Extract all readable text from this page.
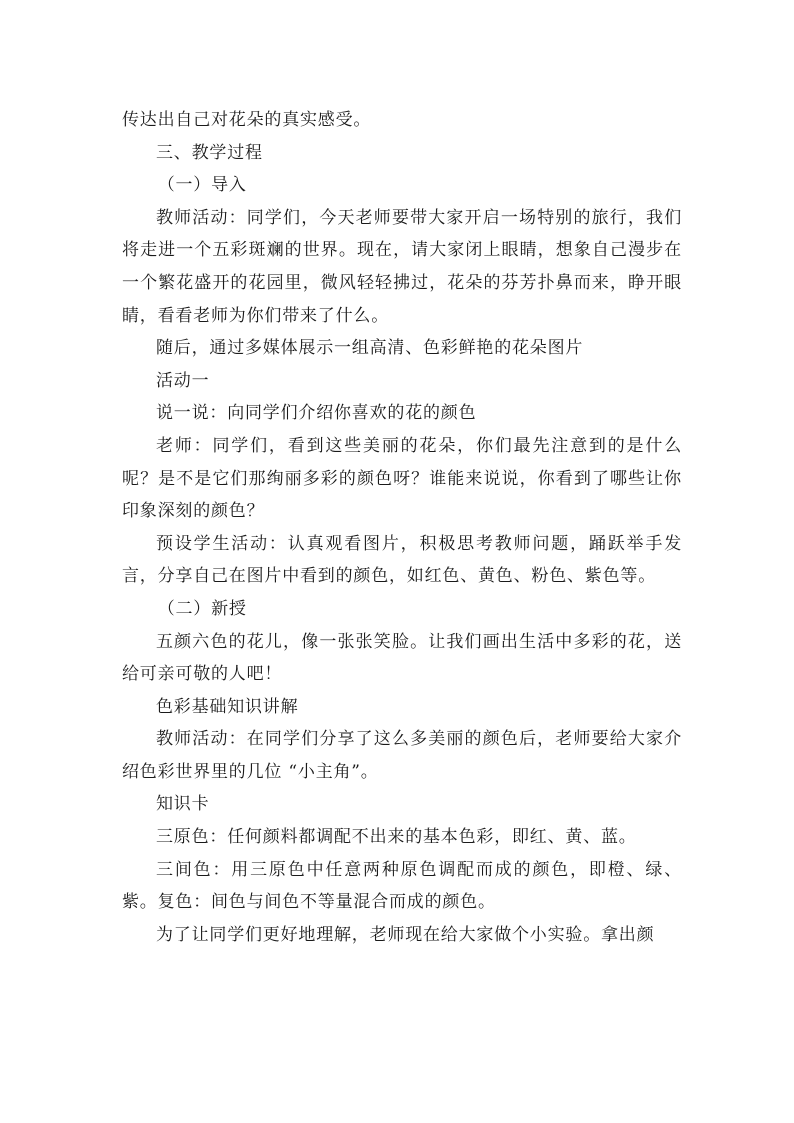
传达出自己对花朵的真实感受。

三、教学过程

（一）导入

教师活动：同学们，今天老师要带大家开启一场特别的旅行，我们将走进一个五彩斑斓的世界。现在，请大家闭上眼睛，想象自己漫步在一个繁花盛开的花园里，微风轻轻拂过，花朵的芬芳扑鼻而来，睁开眼睛，看看老师为你们带来了什么。

随后，通过多媒体展示一组高清、色彩鲜艳的花朵图片

活动一

说一说：向同学们介绍你喜欢的花的颜色

老师：同学们，看到这些美丽的花朵，你们最先注意到的是什么呢？是不是它们那绚丽多彩的颜色呀？谁能来说说，你看到了哪些让你印象深刻的颜色？

预设学生活动：认真观看图片，积极思考教师问题，踊跃举手发言，分享自己在图片中看到的颜色，如红色、黄色、粉色、紫色等。

（二）新授

五颜六色的花儿，像一张张笑脸。让我们画出生活中多彩的花，送给可亲可敬的人吧！

色彩基础知识讲解

教师活动：在同学们分享了这么多美丽的颜色后，老师要给大家介绍色彩世界里的几位 “小主角”。

知识卡

三原色：任何颜料都调配不出来的基本色彩，即红、黄、蓝。

三间色：用三原色中任意两种原色调配而成的颜色，即橙、绿、紫。复色：间色与间色不等量混合而成的颜色。

为了让同学们更好地理解，老师现在给大家做个小实验。拿出颜
